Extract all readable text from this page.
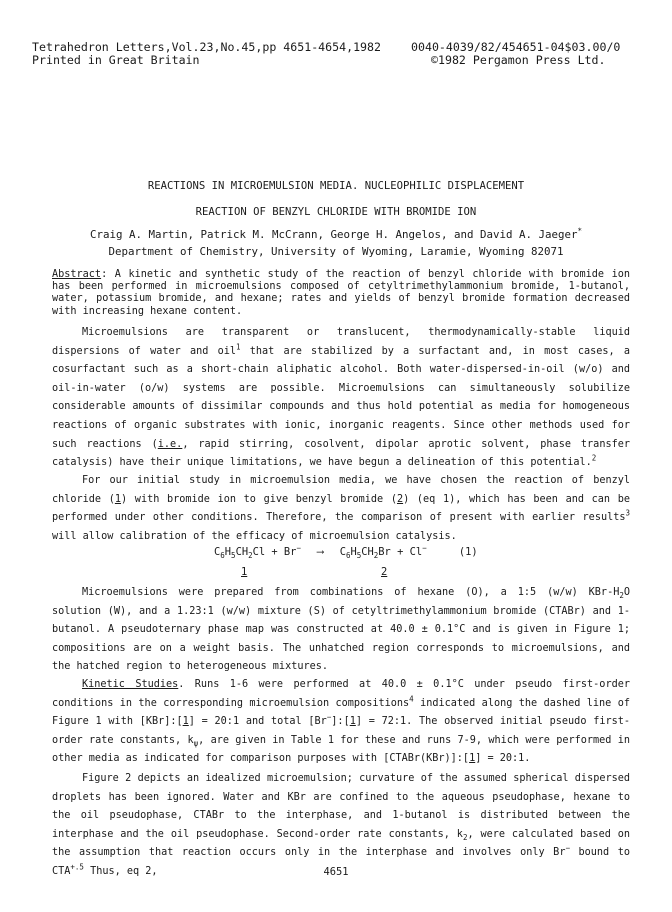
Tetrahedron Letters,Vol.23,No.45,pp 4651-4654,1982
Printed in Great Britain
0040-4039/82/454651-04$03.00/0
©1982 Pergamon Press Ltd.
REACTIONS IN MICROEMULSION MEDIA. NUCLEOPHILIC DISPLACEMENT
REACTION OF BENZYL CHLORIDE WITH BROMIDE ION
Craig A. Martin, Patrick M. McCrann, George H. Angelos, and David A. Jaeger*
Department of Chemistry, University of Wyoming, Laramie, Wyoming 82071

Abstract: A kinetic and synthetic study of the reaction of benzyl chloride with bromide ion has been performed in microemulsions composed of cetyltrimethylammonium bromide, 1-butanol, water, potassium bromide, and hexane; rates and yields of benzyl bromide formation decreased with increasing hexane content.

Microemulsions are transparent or translucent, thermodynamically-stable liquid dispersions of water and oil$^1$ that are stabilized by a surfactant and, in most cases, a cosurfactant such as a short-chain aliphatic alcohol. Both water-dispersed-in-oil (w/o) and oil-in-water (o/w) systems are possible. Microemulsions can simultaneously solubilize considerable amounts of dissimilar compounds and thus hold potential as media for homogeneous reactions of organic substrates with ionic, inorganic reagents. Since other methods used for such reactions (i.e., rapid stirring, cosolvent, dipolar aprotic solvent, phase transfer catalysis) have their unique limitations, we have begun a delineation of this potential.$^2$

For our initial study in microemulsion media, we have chosen the reaction of benzyl chloride (1) with bromide ion to give benzyl bromide (2) (eq 1), which has been and can be performed under other conditions. Therefore, the comparison of present with earlier results$^3$ will allow calibration of the efficacy of microemulsion catalysis.

$C_6H_5CH_2Cl + Br^-$ ⟶ $C_6H_5CH_2Br + Cl^-$	(1)
1	2

Microemulsions were prepared from combinations of hexane (O), a 1:5 (w/w) KBr-$H_2O$ solution (W), and a 1.23:1 (w/w) mixture (S) of cetyltrimethylammonium bromide (CTABr) and 1-butanol. A pseudoternary phase map was constructed at 40.0 ± 0.1°C and is given in Figure 1; compositions are on a weight basis. The unhatched region corresponds to microemulsions, and the hatched region to heterogeneous mixtures.

Kinetic Studies. Runs 1-6 were performed at 40.0 ± 0.1°C under pseudo first-order conditions in the corresponding microemulsion compositions$^4$ indicated along the dashed line of Figure 1 with [KBr]:[1] = 20:1 and total [Br−]:[1] = 72:1. The observed initial pseudo first-order rate constants, $k_\psi$, are given in Table 1 for these and runs 7-9, which were performed in other media as indicated for comparison purposes with [CTABr(KBr)]:[1] = 20:1.

Figure 2 depicts an idealized microemulsion; curvature of the assumed spherical dispersed droplets has been ignored. Water and KBr are confined to the aqueous pseudophase, hexane to the oil pseudophase, CTABr to the interphase, and 1-butanol is distributed between the interphase and the oil pseudophase. Second-order rate constants, $k_2$, were calculated based on the assumption that reaction occurs only in the interphase and involves only Br− bound to $CTA^{+.5}$ Thus, eq 2,	4651
